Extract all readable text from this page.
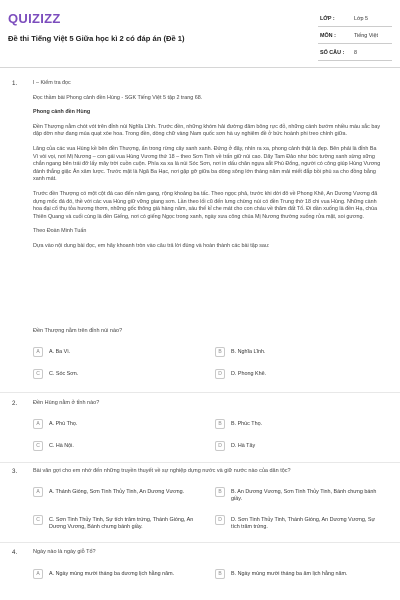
QUIZIZZ
Đề thi Tiếng Việt 5 Giữa học kì 2 có đáp án (Đề 1)
LỚP :	Lớp 5
MÔN :	Tiếng Việt
SỐ CÂU : 8
1.	I – Kiểm tra đọc

Đọc thầm bài Phong cảnh đền Hùng - SGK Tiếng Việt 5 tập 2 trang 68.

Phong cảnh đền Hùng

Đền Thượng nằm chót vót trên đỉnh núi Nghĩa Lĩnh. Trước đền, những khóm hải đường đâm bông rực đỏ, những cánh bướm nhiều màu sắc bay dập dờn như đang múa quạt xòe hoa. Trong đền, dòng chữ vàng Nam quốc sơn hà uy nghiêm đề ở bức hoành phi treo chính giữa.

Lăng của các vua Hùng kề bên đền Thượng, ẩn trong rừng cây xanh xanh. Đứng ở đây, nhìn ra xa, phong cảnh thật là đẹp. Bên phải là đỉnh Ba Vì vòi vọi, nơi Mị Nương – con gái vua Hùng Vương thứ 18 – theo Sơn Tinh về trấn giữ núi cao. Dãy Tam Đảo như bức tường xanh sừng sững chắn ngang bên trái đỡ lấy mây trời cuồn cuộn. Phía xa xa là núi Sóc Sơn, nơi in dấu chân ngựa sắt Phù Đổng, người có công giúp Hùng Vương đánh thắng giặc Ân xâm lược. Trước mặt là Ngã Ba Hạc, nơi gặp gỡ giữa ba dòng sông lớn tháng năm mải miết đắp bồi phù sa cho đồng bằng xanh mát.

Trước đền Thượng có một cột đá cao đến năm gang, rộng khoảng ba tấc. Theo ngọc phả, trước khi dời đô về Phong Khê, An Dương Vương đã dựng mốc đá đó, thề với các vua Hùng giữ vững giang sơn. Lần theo lối cũ đến lưng chừng núi có đền Trung thờ 18 chi vua Hùng. Những cành hoa đại cổ thụ tỏa hương thơm, những gốc thông già hàng năm, sáu thế kỉ che mát cho con cháu về thăm đất Tổ. Đi dần xuống là đền Hạ, chùa Thiên Quang và cuối cùng là đền Giếng, nơi có giếng Ngọc trong xanh, ngày xưa công chúa Mị Nương thường xuống rửa mặt, soi gương.

Theo Đoàn Minh Tuấn

Dựa vào nội dung bài đọc, em hãy khoanh tròn vào câu trả lời đúng và hoàn thành các bài tập sau:

Đền Thượng nằm trên đỉnh núi nào?
A	A. Ba Vì.	B	B. Nghĩa Lĩnh.
C	C. Sóc Sơn.	D	D. Phong Khê.
2.	Đền Hùng nằm ở tỉnh nào?
A	A. Phú Thọ.	B	B. Phúc Thọ.
C	C. Hà Nội.	D	D. Hà Tây
3.	Bài văn gợi cho em nhớ đến những truyền thuyết về sự nghiệp dựng nước và giữ nước nào của dân tộc?
A	A. Thánh Gióng, Sơn Tinh Thủy Tinh, An Dương Vương.	B	B. An Dương Vương, Sơn Tinh Thủy Tinh, Bánh chưng bánh giầy.
C	C. Sơn Tinh Thủy Tinh, Sự tích trăm trứng, Thánh Gióng, An Dương Vương, Bánh chưng bánh giầy.
D	D. Sơn Tinh Thủy Tinh, Thánh Gióng, An Dương Vương, Sự tích trăm trứng.
4.	Ngày nào là ngày giỗ Tổ?
A	A. Ngày mùng mười tháng ba dương lịch hằng năm.	B	B. Ngày mùng mười tháng ba âm lịch hằng năm.
